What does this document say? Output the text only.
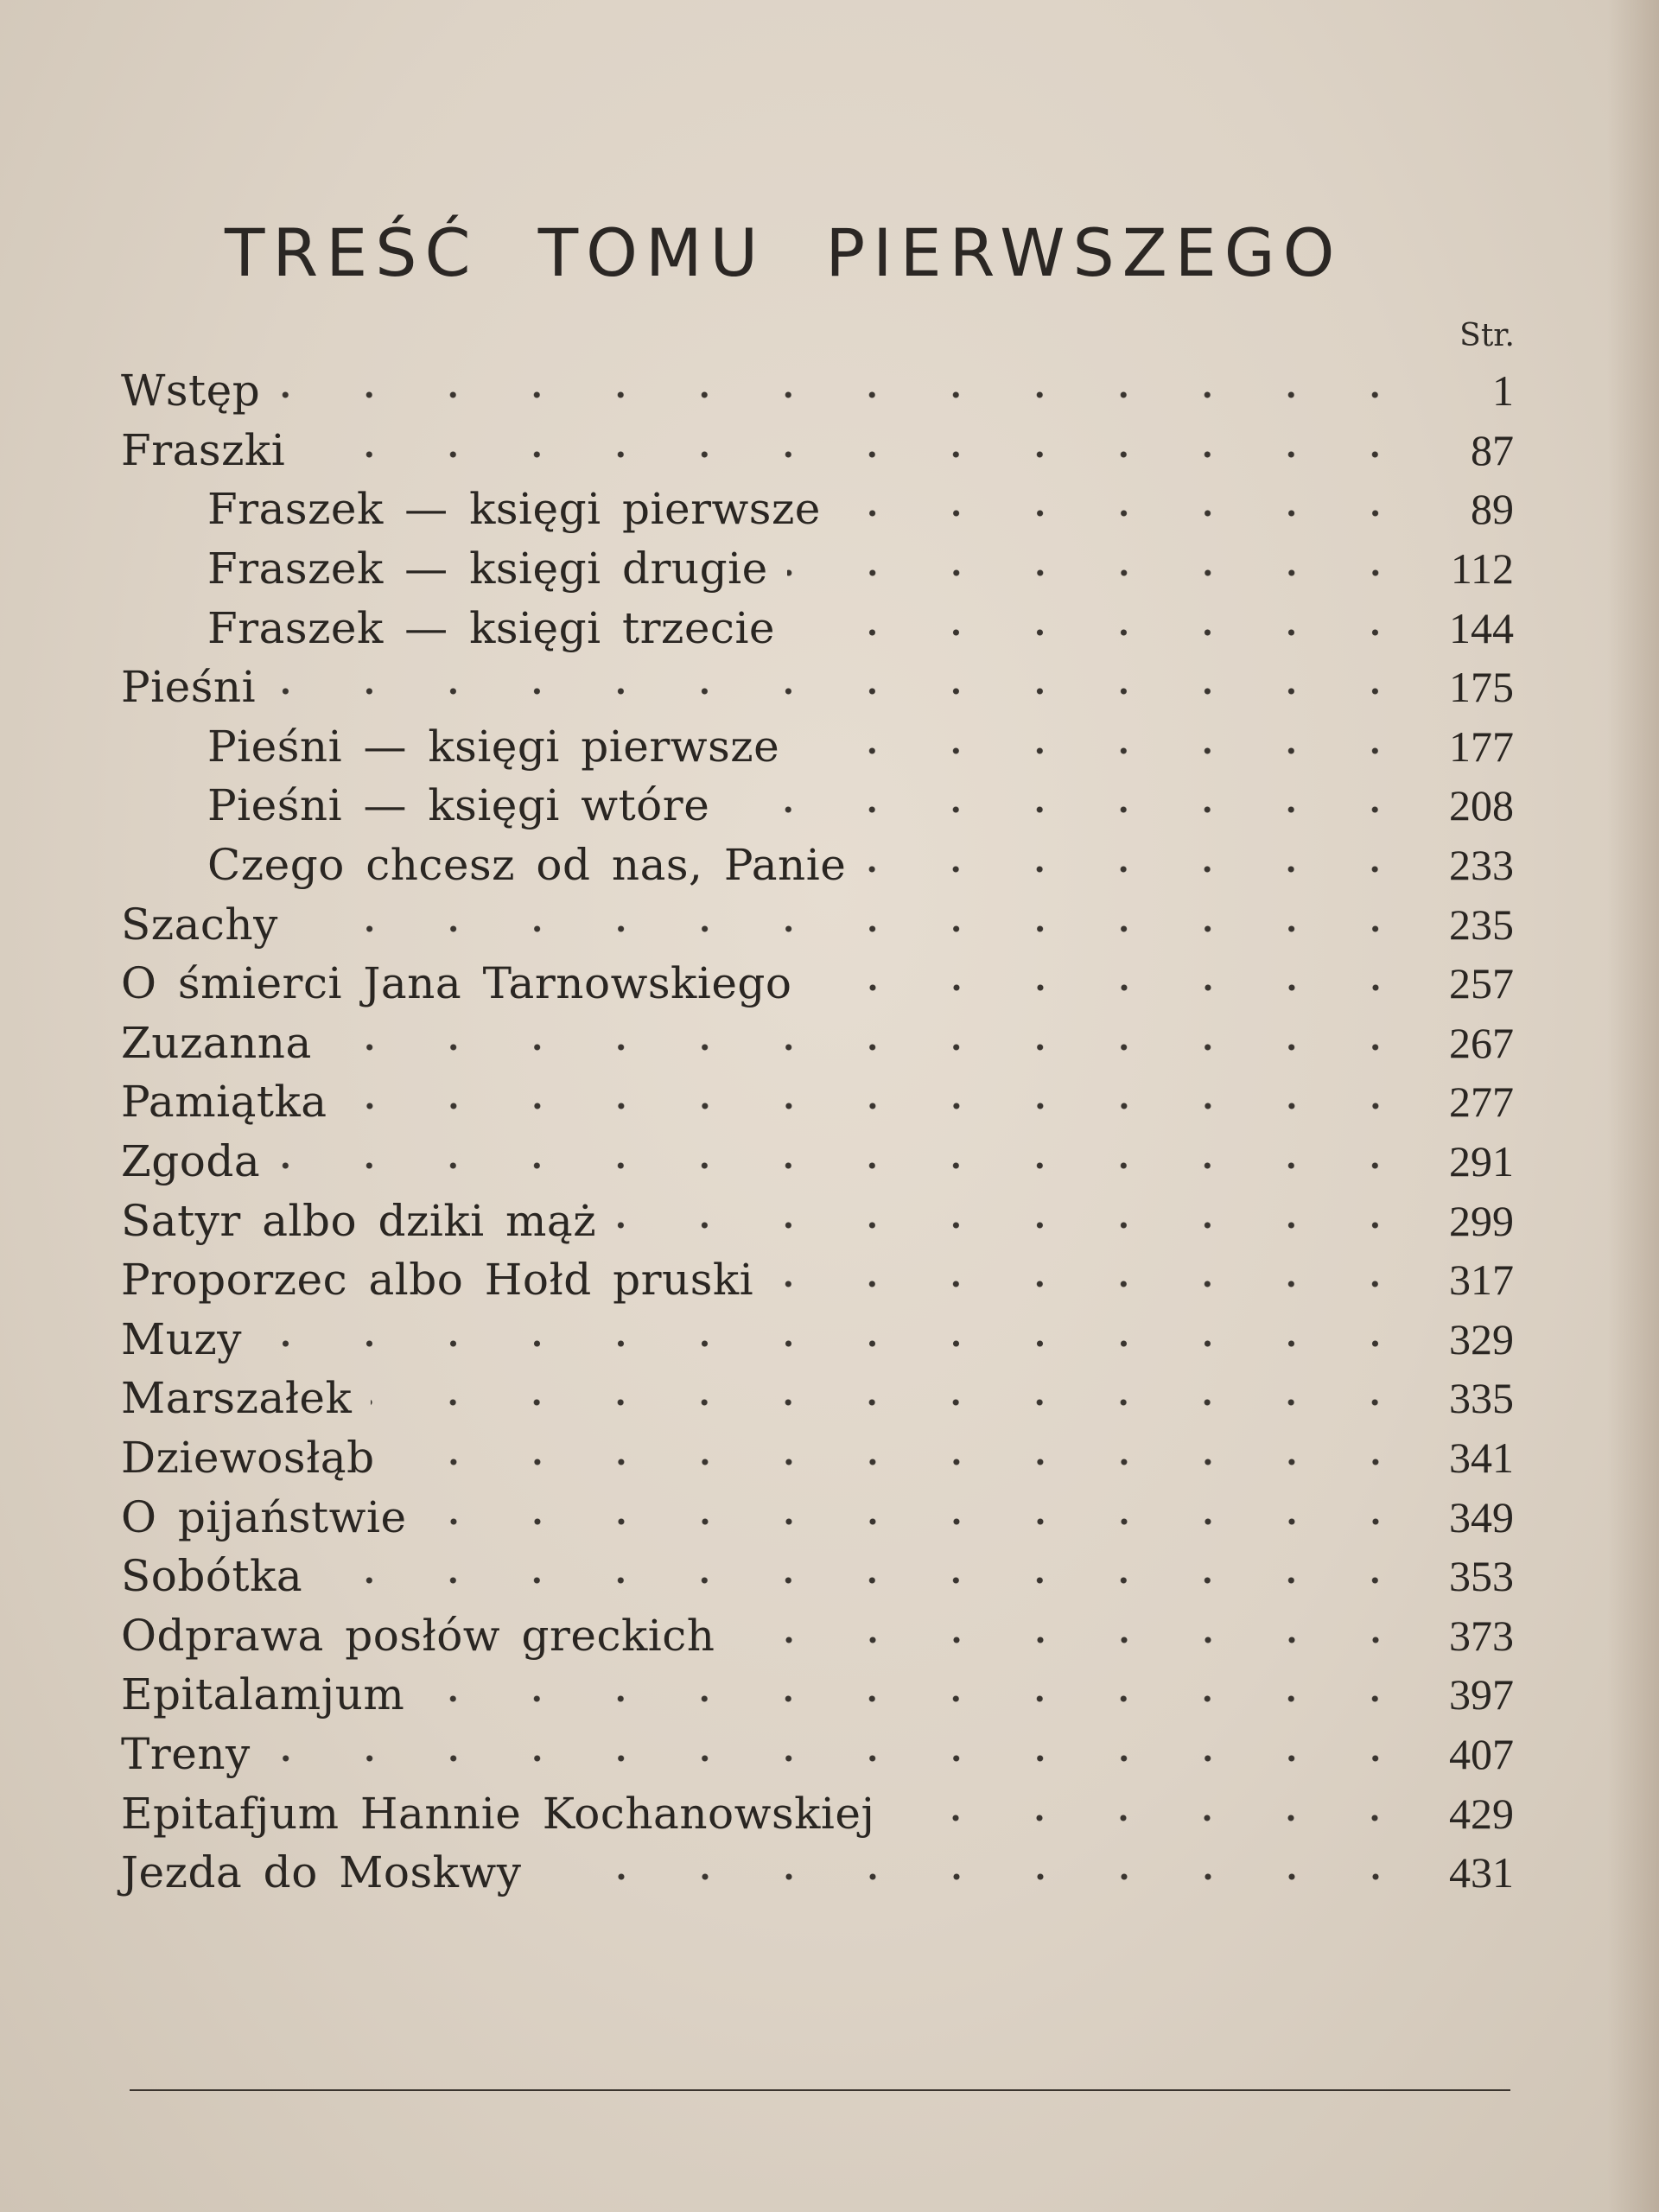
TREŚĆ TOMU PIERWSZEGO
Str.
Wstęp	1
Fraszki	87
Fraszek — księgi pierwsze	89
Fraszek — księgi drugie	112
Fraszek — księgi trzecie	144
Pieśni	175
Pieśni — księgi pierwsze	177
Pieśni — księgi wtóre	208
Czego chcesz od nas, Panie	233
Szachy	235
O śmierci Jana Tarnowskiego	257
Zuzanna	267
Pamiątka	277
Zgoda	291
Satyr albo dziki mąż	299
Proporzec albo Hołd pruski	317
Muzy	329
Marszałek	335
Dziewosłąb	341
O pijaństwie	349
Sobótka	353
Odprawa posłów greckich	373
Epitalamjum	397
Treny	407
Epitafjum Hannie Kochanowskiej	429
Jezda do Moskwy	431
